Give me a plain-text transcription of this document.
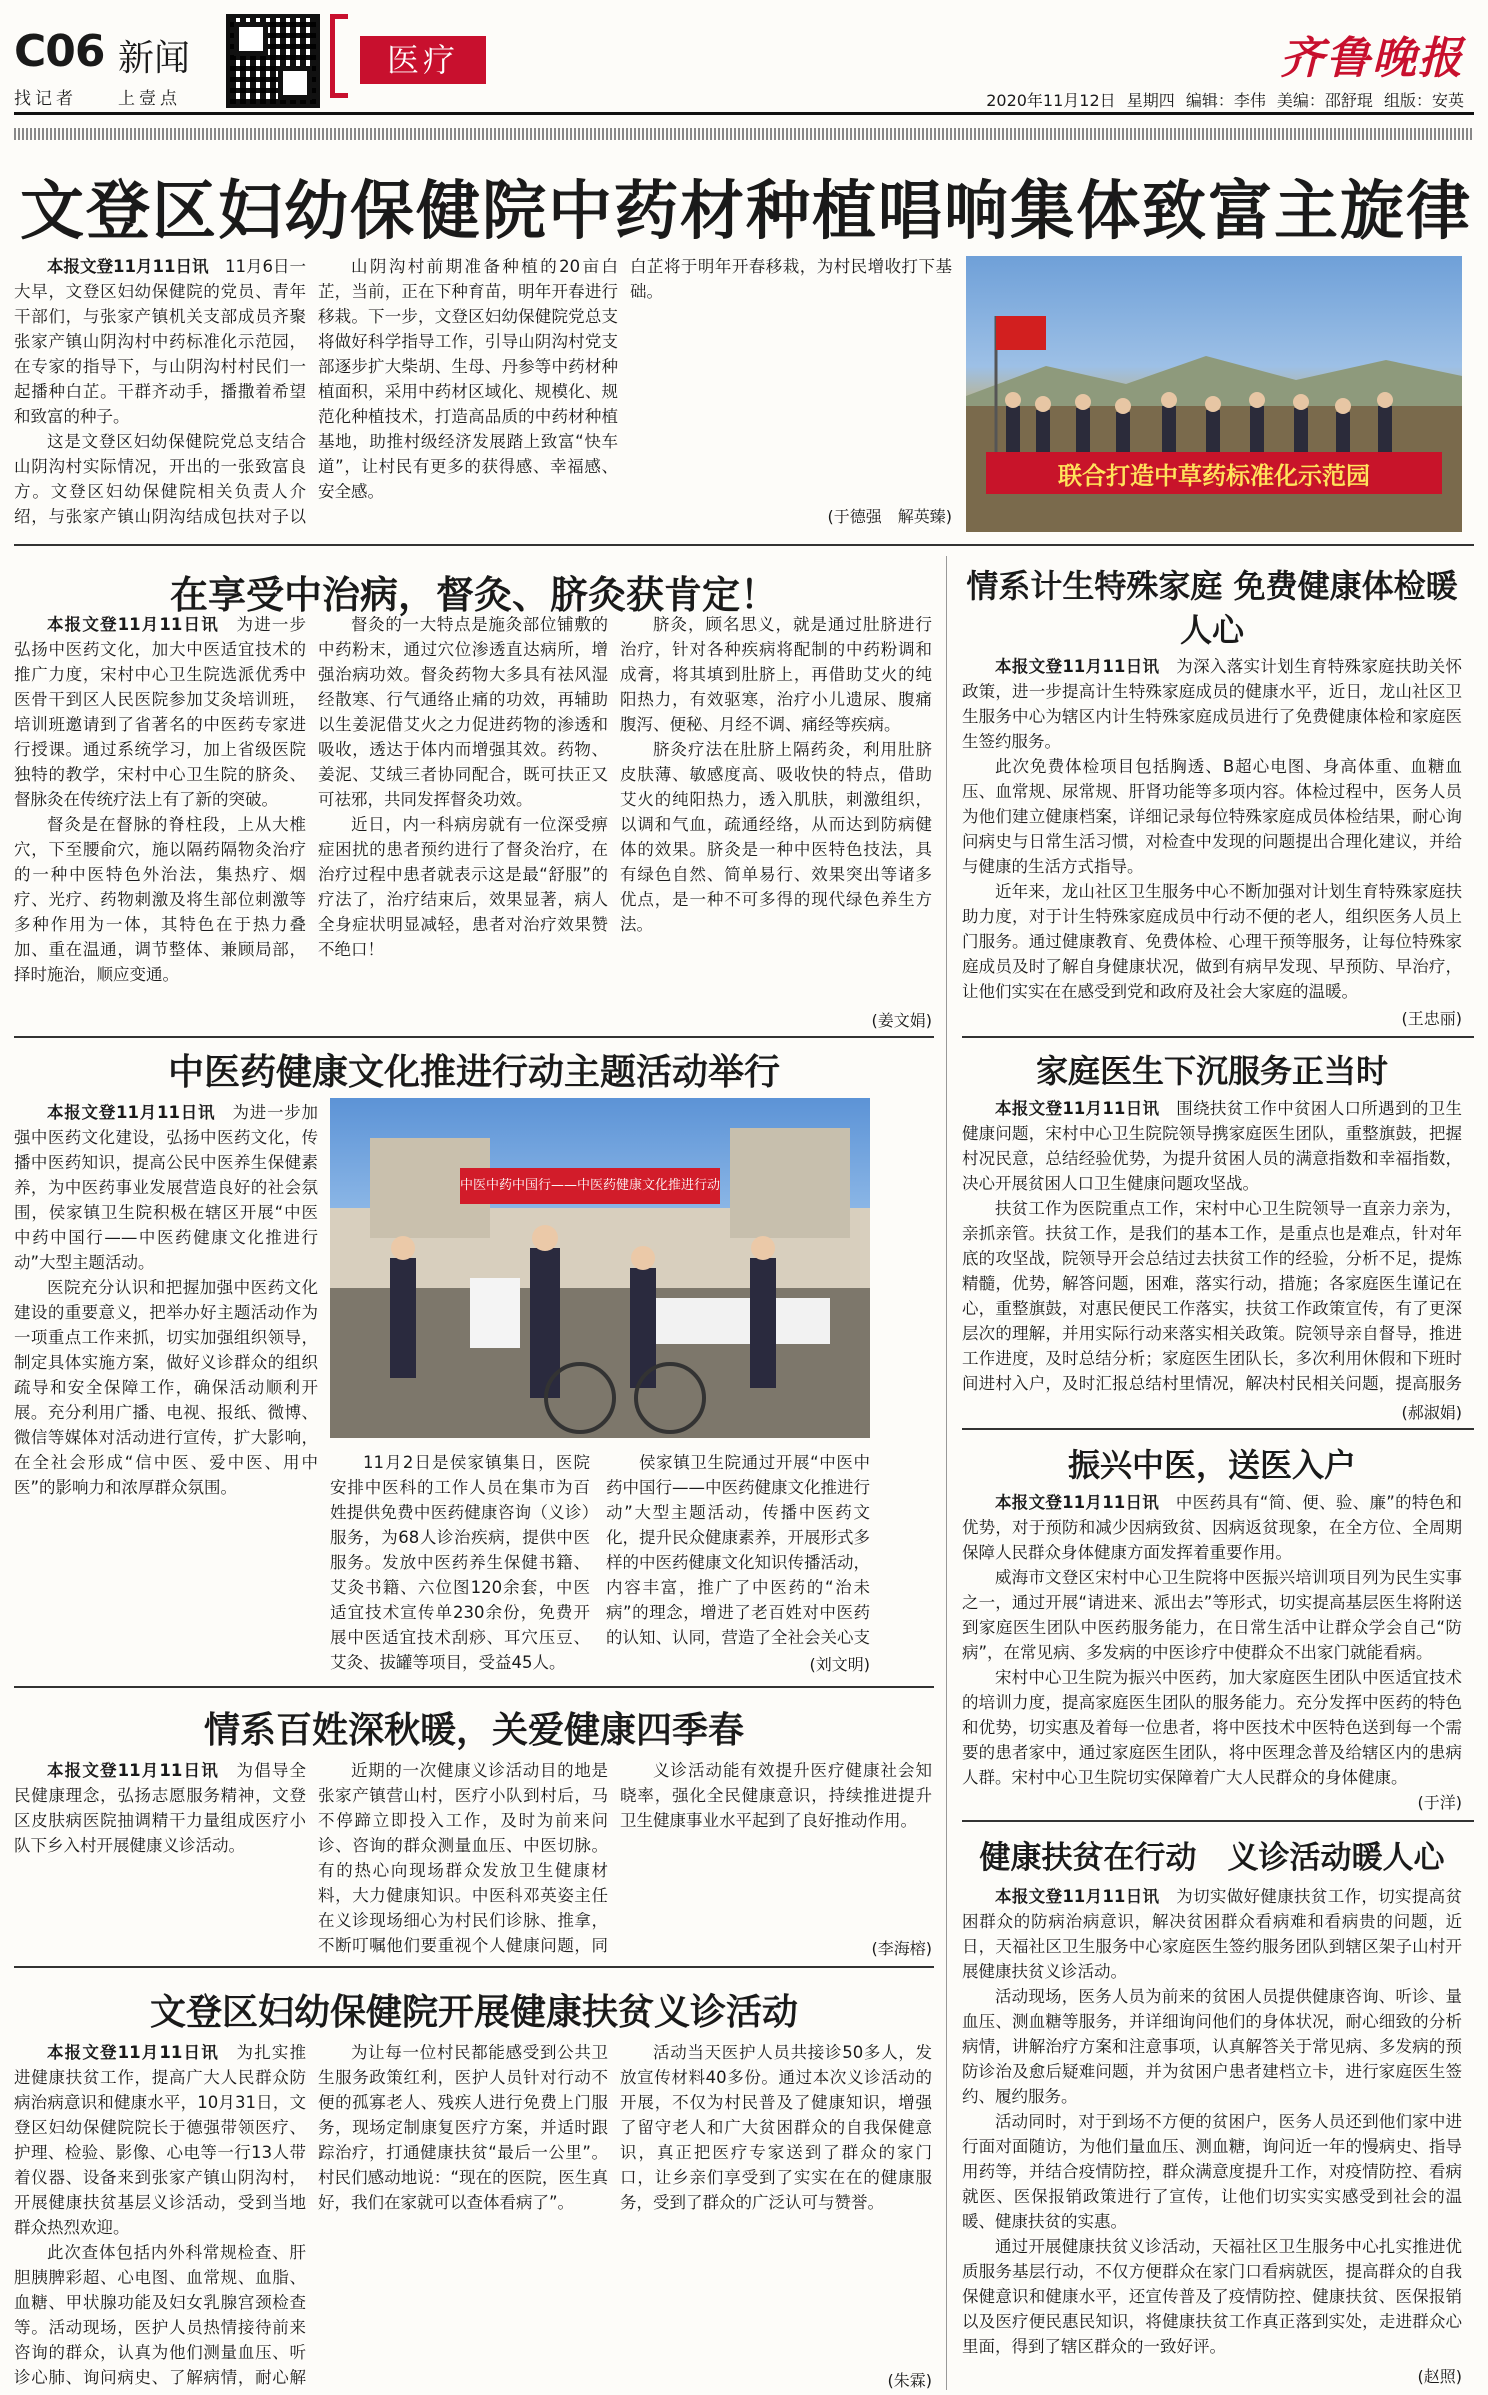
C06 新闻
找记者 上壹点
医疗	齐鲁晚报
2020年11月12日 星期四 编辑：李伟 美编：邵舒琨 组版：安英
文登区妇幼保健院中药材种植唱响集体致富主旋律

本报文登11月11日讯　 11月6日一大早，文登区妇幼保健院的党员、青年干部们，与张家产镇机关支部成员齐聚张家产镇山阴沟村中药标准化示范园，在专家的指导下，与山阴沟村村民们一起播种白芷。干群齐动手，播撒着希望和致富的种子。

这是文登区妇幼保健院党总支结合山阴沟村实际情况，开出的一张致富良方。文登区妇幼保健院相关负责人介绍，与张家产镇山阴沟结成包扶对子以

山阴沟村前期准备种植的20亩白芷，当前，正在下种育苗，明年开春进行移栽。下一步，文登区妇幼保健院党总支将做好科学指导工作，引导山阴沟村党支部逐步扩大柴胡、生母、丹参等中药材种植面积，采用中药材区域化、规模化、规范化种植技术，打造高品质的中药材种植基地，助推村级经济发展踏上致富“快车道”，让村民有更多的获得感、幸福感、安全感。

白芷将于明年开春移栽，为村民增收打下基础。

(于德强　解英臻)
联合打造中草药标准化示范园
在享受中治病，督灸、脐灸获肯定！

本报文登11月11日讯　 为进一步弘扬中医药文化，加大中医适宜技术的推广力度，宋村中心卫生院选派优秀中医骨干到区人民医院参加艾灸培训班，培训班邀请到了省著名的中医药专家进行授课。通过系统学习，加上省级医院独特的教学，宋村中心卫生院的脐灸、督脉灸在传统疗法上有了新的突破。

督灸是在督脉的脊柱段，上从大椎穴，下至腰俞穴，施以隔药隔物灸治疗的一种中医特色外治法，集热疗、烟疗、光疗、药物刺激及将生部位刺激等多种作用为一体，其特色在于热力叠加、重在温通，调节整体、兼顾局部，择时施治，顺应变通。

督灸的一大特点是施灸部位铺敷的中药粉末，通过穴位渗透直达病所，增强治病功效。督灸药物大多具有祛风湿经散寒、行气通络止痛的功效，再辅助以生姜泥借艾火之力促进药物的渗透和吸收，透达于体内而增强其效。药物、姜泥、艾绒三者协同配合，既可扶正又可祛邪，共同发挥督灸功效。

近日，内一科病房就有一位深受痹症困扰的患者预约进行了督灸治疗，在治疗过程中患者就表示这是最“舒服”的疗法了，治疗结束后，效果显著，病人全身症状明显减轻，患者对治疗效果赞不绝口！

脐灸，顾名思义，就是通过肚脐进行治疗，针对各种疾病将配制的中药粉调和成膏，将其填到肚脐上，再借助艾火的纯阳热力，有效驱寒，治疗小儿遗尿、腹痛腹泻、便秘、月经不调、痛经等疾病。

脐灸疗法在肚脐上隔药灸，利用肚脐皮肤薄、敏感度高、吸收快的特点，借助艾火的纯阳热力，透入肌肤，刺激组织，以调和气血，疏通经络，从而达到防病健体的效果。脐灸是一种中医特色技法，具有绿色自然、简单易行、效果突出等诸多优点，是一种不可多得的现代绿色养生方法。

(姜文娟)
情系计生特殊家庭 免费健康体检暖人心

本报文登11月11日讯　 为深入落实计划生育特殊家庭扶助关怀政策，进一步提高计生特殊家庭成员的健康水平，近日，龙山社区卫生服务中心为辖区内计生特殊家庭成员进行了免费健康体检和家庭医生签约服务。

此次免费体检项目包括胸透、B超心电图、身高体重、血糖血压、血常规、尿常规、肝肾功能等多项内容。体检过程中，医务人员为他们建立健康档案，详细记录每位特殊家庭成员体检结果，耐心询问病史与日常生活习惯，对检查中发现的问题提出合理化建议，并给与健康的生活方式指导。

近年来，龙山社区卫生服务中心不断加强对计划生育特殊家庭扶助力度，对于计生特殊家庭成员中行动不便的老人，组织医务人员上门服务。通过健康教育、免费体检、心理干预等服务，让每位特殊家庭成员及时了解自身健康状况，做到有病早发现、早预防、早治疗，让他们实实在在感受到党和政府及社会大家庭的温暖。

(王忠丽)
中医药健康文化推进行动主题活动举行

本报文登11月11日讯　 为进一步加强中医药文化建设，弘扬中医药文化，传播中医药知识，提高公民中医养生保健素养，为中医药事业发展营造良好的社会氛围，侯家镇卫生院积极在辖区开展“中医中药中国行——中医药健康文化推进行动”大型主题活动。

医院充分认识和把握加强中医药文化建设的重要意义，把举办好主题活动作为一项重点工作来抓，切实加强组织领导，制定具体实施方案，做好义诊群众的组织疏导和安全保障工作，确保活动顺利开展。充分利用广播、电视、报纸、微博、微信等媒体对活动进行宣传，扩大影响，在全社会形成“信中医、爱中医、用中医”的影响力和浓厚群众氛围。

中医中药中国行——中医药健康文化推进行动

11月2日是侯家镇集日，医院安排中医科的工作人员在集市为百姓提供免费中医药健康咨询（义诊）服务，为68人诊治疾病，提供中医服务。发放中医药养生保健书籍、艾灸书籍、六位图120余套，中医适宜技术宣传单230余份，免费开展中医适宜技术刮痧、耳穴压豆、艾灸、拔罐等项目，受益45人。

侯家镇卫生院通过开展“中医中药中国行——中医药健康文化推进行动”大型主题活动，传播中医药文化，提升民众健康素养，开展形式多样的中医药健康文化知识传播活动，内容丰富，推广了中医药的“治未病”的理念，增进了老百姓对中医药的认知、认同，营造了全社会关心支

(刘文明)
家庭医生下沉服务正当时

本报文登11月11日讯　 围绕扶贫工作中贫困人口所遇到的卫生健康问题，宋村中心卫生院院领导携家庭医生团队，重整旗鼓，把握村况民意，总结经验优势，为提升贫困人员的满意指数和幸福指数，决心开展贫困人口卫生健康问题攻坚战。

扶贫工作为医院重点工作，宋村中心卫生院领导一直亲力亲为，亲抓亲管。扶贫工作，是我们的基本工作，是重点也是难点，针对年底的攻坚战，院领导开会总结过去扶贫工作的经验，分析不足，提炼精髓，优势，解答问题，困难，落实行动，措施；各家庭医生谨记在心，重整旗鼓，对惠民便民工作落实，扶贫工作政策宣传，有了更深层次的理解，并用实际行动来落实相关政策。院领导亲自督导，推进工作进度，及时总结分析；家庭医生团队长，多次利用休假和下班时间进村入户，及时汇报总结村里情况，解决村民相关问题，提高服务

(郝淑娟)
振兴中医，送医入户

本报文登11月11日讯　 中医药具有“简、便、验、廉”的特色和优势，对于预防和减少因病致贫、因病返贫现象，在全方位、全周期保障人民群众身体健康方面发挥着重要作用。

威海市文登区宋村中心卫生院将中医振兴培训项目列为民生实事之一，通过开展“请进来、派出去”等形式，切实提高基层医生将附送到家庭医生团队中医药服务能力，在日常生活中让群众学会自己“防病”，在常见病、多发病的中医诊疗中使群众不出家门就能看病。

宋村中心卫生院为振兴中医药，加大家庭医生团队中医适宜技术的培训力度，提高家庭医生团队的服务能力。充分发挥中医药的特色和优势，切实惠及着每一位患者，将中医技术中医特色送到每一个需要的患者家中，通过家庭医生团队，将中医理念普及给辖区内的患病人群。宋村中心卫生院切实保障着广大人民群众的身体健康。

(于洋)
情系百姓深秋暖，关爱健康四季春

本报文登11月11日讯　 为倡导全民健康理念，弘扬志愿服务精神，文登区皮肤病医院抽调精干力量组成医疗小队下乡入村开展健康义诊活动。

近期的一次健康义诊活动目的地是张家产镇营山村，医疗小队到村后，马不停蹄立即投入工作，及时为前来问诊、咨询的群众测量血压、中医切脉。有的热心向现场群众发放卫生健康材料，大力健康知识。中医科邓英姿主任在义诊现场细心为村民们诊脉、推拿，不断叮嘱他们要重视个人健康问题，同

义诊活动能有效提升医疗健康社会知晓率，强化全民健康意识，持续推进提升卫生健康事业水平起到了良好推动作用。

(李海榕)
健康扶贫在行动　义诊活动暖人心

本报文登11月11日讯　 为切实做好健康扶贫工作，切实提高贫困群众的防病治病意识，解决贫困群众看病难和看病贵的问题，近日，天福社区卫生服务中心家庭医生签约服务团队到辖区架子山村开展健康扶贫义诊活动。

活动现场，医务人员为前来的贫困人员提供健康咨询、听诊、量血压、测血糖等服务，并详细询问他们的身体状况，耐心细致的分析病情，讲解治疗方案和注意事项，认真解答关于常见病、多发病的预防诊治及愈后疑难问题，并为贫困户患者建档立卡，进行家庭医生签约、履约服务。

活动同时，对于到场不方便的贫困户，医务人员还到他们家中进行面对面随访，为他们量血压、测血糖，询问近一年的慢病史、指导用药等，并结合疫情防控，群众满意度提升工作，对疫情防控、看病就医、医保报销政策进行了宣传，让他们切实实实感受到社会的温暖、健康扶贫的实惠。

通过开展健康扶贫义诊活动，天福社区卫生服务中心扎实推进优质服务基层行动，不仅方便群众在家门口看病就医，提高群众的自我保健意识和健康水平，还宣传普及了疫情防控、健康扶贫、医保报销以及医疗便民惠民知识，将健康扶贫工作真正落到实处，走进群众心里面，得到了辖区群众的一致好评。

(赵照)
文登区妇幼保健院开展健康扶贫义诊活动

本报文登11月11日讯　 为扎实推进健康扶贫工作，提高广大人民群众防病治病意识和健康水平，10月31日，文登区妇幼保健院院长于德强带领医疗、护理、检验、影像、心电等一行13人带着仪器、设备来到张家产镇山阴沟村，开展健康扶贫基层义诊活动，受到当地群众热烈欢迎。

此次查体包括内外科常规检查、肝胆胰脾彩超、心电图、血常规、血脂、血糖、甲状腺功能及妇女乳腺宫颈检查等。活动现场，医护人员热情接待前来咨询的群众，认真为他们测量血压、听诊心肺、询问病史、了解病情，耐心解

为让每一位村民都能感受到公共卫生服务政策红利，医护人员针对行动不便的孤寡老人、残疾人进行免费上门服务，现场定制康复医疗方案，并适时跟踪治疗，打通健康扶贫“最后一公里”。村民们感动地说：“现在的医院，医生真好，我们在家就可以查体看病了”。

活动当天医护人员共接诊50多人，发放宣传材料40多份。通过本次义诊活动的开展，不仅为村民普及了健康知识，增强了留守老人和广大贫困群众的自我保健意识，真正把医疗专家送到了群众的家门口，让乡亲们享受到了实实在在的健康服务，受到了群众的广泛认可与赞誉。

(朱霖)
